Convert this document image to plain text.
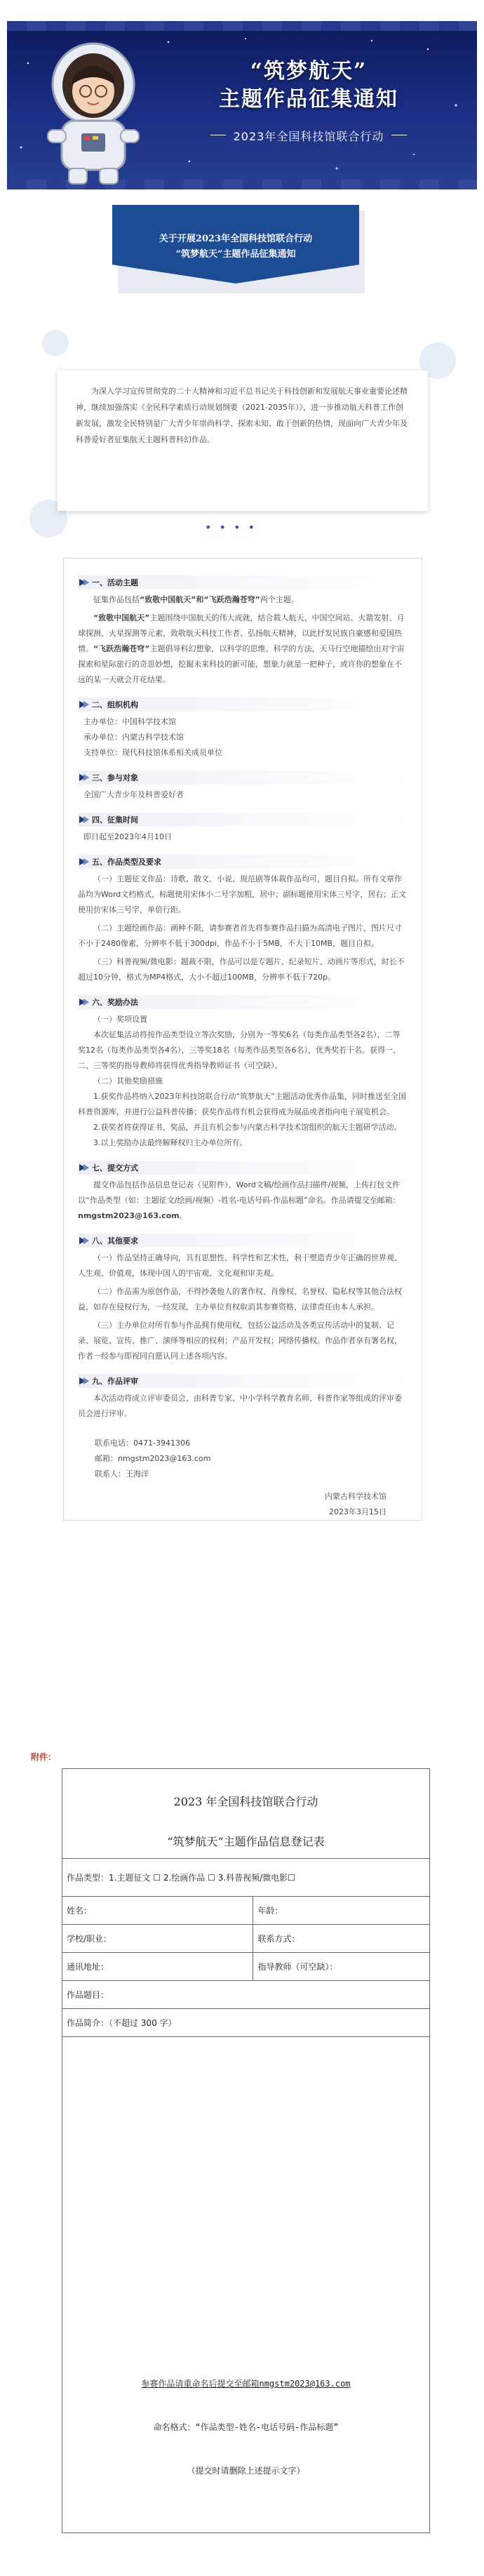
“筑梦航天”
主题作品征集通知
2023年全国科技馆联合行动
关于开展2023年全国科技馆联合行动
“筑梦航天”主题作品征集通知

为深入学习宣传贯彻党的二十大精神和习近平总书记关于科技创新和发展航天事业重要论述精神，继续加强落实《全民科学素质行动规划纲要（2021-2035年）》，进一步推动航天科普工作创新发展，激发全民特别是广大青少年崇尚科学、探索未知、敢于创新的热情，现面向广大青少年及科普爱好者征集航天主题科普科幻作品。

• • • •
一、活动主题

征集作品包括“致敬中国航天”和“飞跃浩瀚苍穹”两个主题。

“致敬中国航天”主题围绕中国航天的伟大成就，结合载人航天、中国空间站、火箭发射、月球探测、火星探测等元素，致敬航天科技工作者、弘扬航天精神，以此抒发民族自豪感和爱国热情。“飞跃浩瀚苍穹”主题倡导科幻想象，以科学的思维、科学的方法，天马行空地描绘出对宇宙探索和星际旅行的奇思妙想，挖掘未来科技的新可能，想象力就是一把种子，或许你的想象在不远的某一天就会开花结果。

二、组织机构

主办单位：中国科学技术馆

承办单位：内蒙古科学技术馆

支持单位：现代科技馆体系相关成员单位

三、参与对象

全国广大青少年及科普爱好者

四、征集时间

即日起至2023年4月10日

五、作品类型及要求

（一）主题征文作品：诗歌、散文、小说、规范剧等体裁作品均可，题目自拟。所有文章作品均为Word文档格式，标题使用宋体小二号字加粗，居中；副标题使用宋体三号字，居右；正文使用仿宋体三号字，单倍行距。

（二）主题绘画作品：画种不限，请参赛者首先将参赛作品扫描为高清电子图片，图片尺寸不小于2480像素，分辨率不低于300dpi，作品不小于5MB，不大于10MB，题目自拟。

（三）科普视频/微电影：题裁不限，作品可以是专题片、纪录短片、动画片等形式，时长不超过10分钟，格式为MP4格式，大小不超过100MB，分辨率不低于720p。

六、奖励办法

（一）奖项设置

本次征集活动将按作品类型设立等次奖励，分别为一等奖6名（每类作品类型各2名），二等奖12名（每类作品类型各4名），三等奖18名（每类作品类型各6名），优秀奖若干名。获得一、二、三等奖的指导教师将获得优秀指导教师证书（可空缺）。

（二）其他奖励措施

1.获奖作品将纳入2023年科技馆联合行动“筑梦航天”主题活动优秀作品集，同时推送至全国科普资源库，并进行公益科普传播；获奖作品将有机会获得成为展品或者指向电子展览机会。

2.获奖者将获得证书、奖品，并且有机会参与内蒙古科学技术馆组织的航天主题研学活动。

3.以上奖励办法最终解释权归主办单位所有。

七、提交方式

提交作品包括作品信息登记表（见附件）、Word文稿/绘画作品扫描件/视频，上传打包文件以“作品类型（如：主题征文/绘画/视频）-姓名-电话号码-作品标题”命名。作品请提交至邮箱：nmgstm2023@163.com。

八、其他要求

（一）作品坚持正确导向，具有思想性、科学性和艺术性，利于塑造青少年正确的世界观、人生观、价值观，体现中国人的宇宙观、文化观和审美观。

（二）作品需为原创作品，不得抄袭他人的著作权、肖像权、名誉权、隐私权等其他合法权益，如存在侵权行为，一经发现，主办单位有权取消其参赛资格，法律责任由本人承担。

（三）主办单位对所有参与作品拥有使用权，包括公益活动及各类宣传活动中的复制、记录、展览、宣传、推广、演绎等相应的权利；产品开发权；网络传播权。作品作者享有署名权，作者一经参与即视同自愿认同上述各项内容。

九、作品评审

本次活动将成立评审委员会，由科普专家、中小学科学教育名师、科普作家等组成的评审委员会进行评审。

联系电话：0471-3941306

邮箱：nmgstm2023@163.com

联系人：王海洋

内蒙古科学技术馆
2023年3月15日
附件：
2023 年全国科技馆联合行动
“筑梦航天”主题作品信息登记表
作品类型：1.主题征文 ☐ 2.绘画作品 ☐ 3.科普视频/微电影☐	
姓名：	年龄：
学校/职业：	联系方式：
通讯地址：	指导教师（可空缺）：
作品题目：	
作品简介：（不超过 300 字）	
参赛作品请重命名后提交至邮箱nmgstm2023@163.com
命名格式：“作品类型-姓名-电话号码-作品标题”
（提交时请删除上述提示文字）
